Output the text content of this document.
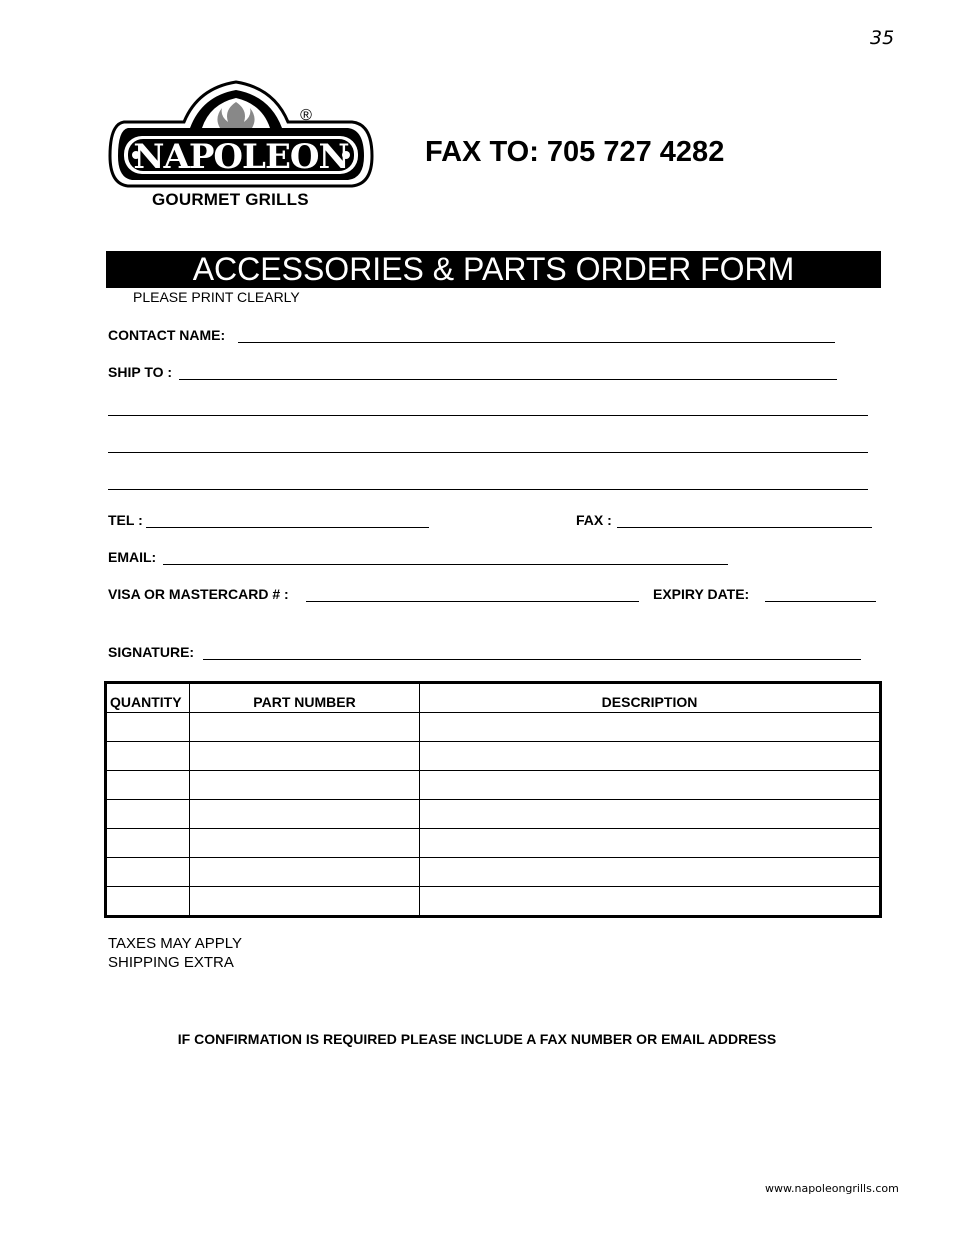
35
NAPOLEON
®
GOURMET GRILLS
FAX TO: 705 727 4282
ACCESSORIES & PARTS ORDER FORM
PLEASE PRINT CLEARLY
CONTACT NAME:
SHIP TO :
TEL :	FAX :
EMAIL:
VISA OR MASTERCARD # :	EXPIRY DATE:
SIGNATURE:
QUANTITY	PART NUMBER	DESCRIPTION

TAXES MAY APPLY
SHIPPING EXTRA
IF CONFIRMATION IS REQUIRED PLEASE INCLUDE A FAX NUMBER OR EMAIL ADDRESS
www.napoleongrills.com
